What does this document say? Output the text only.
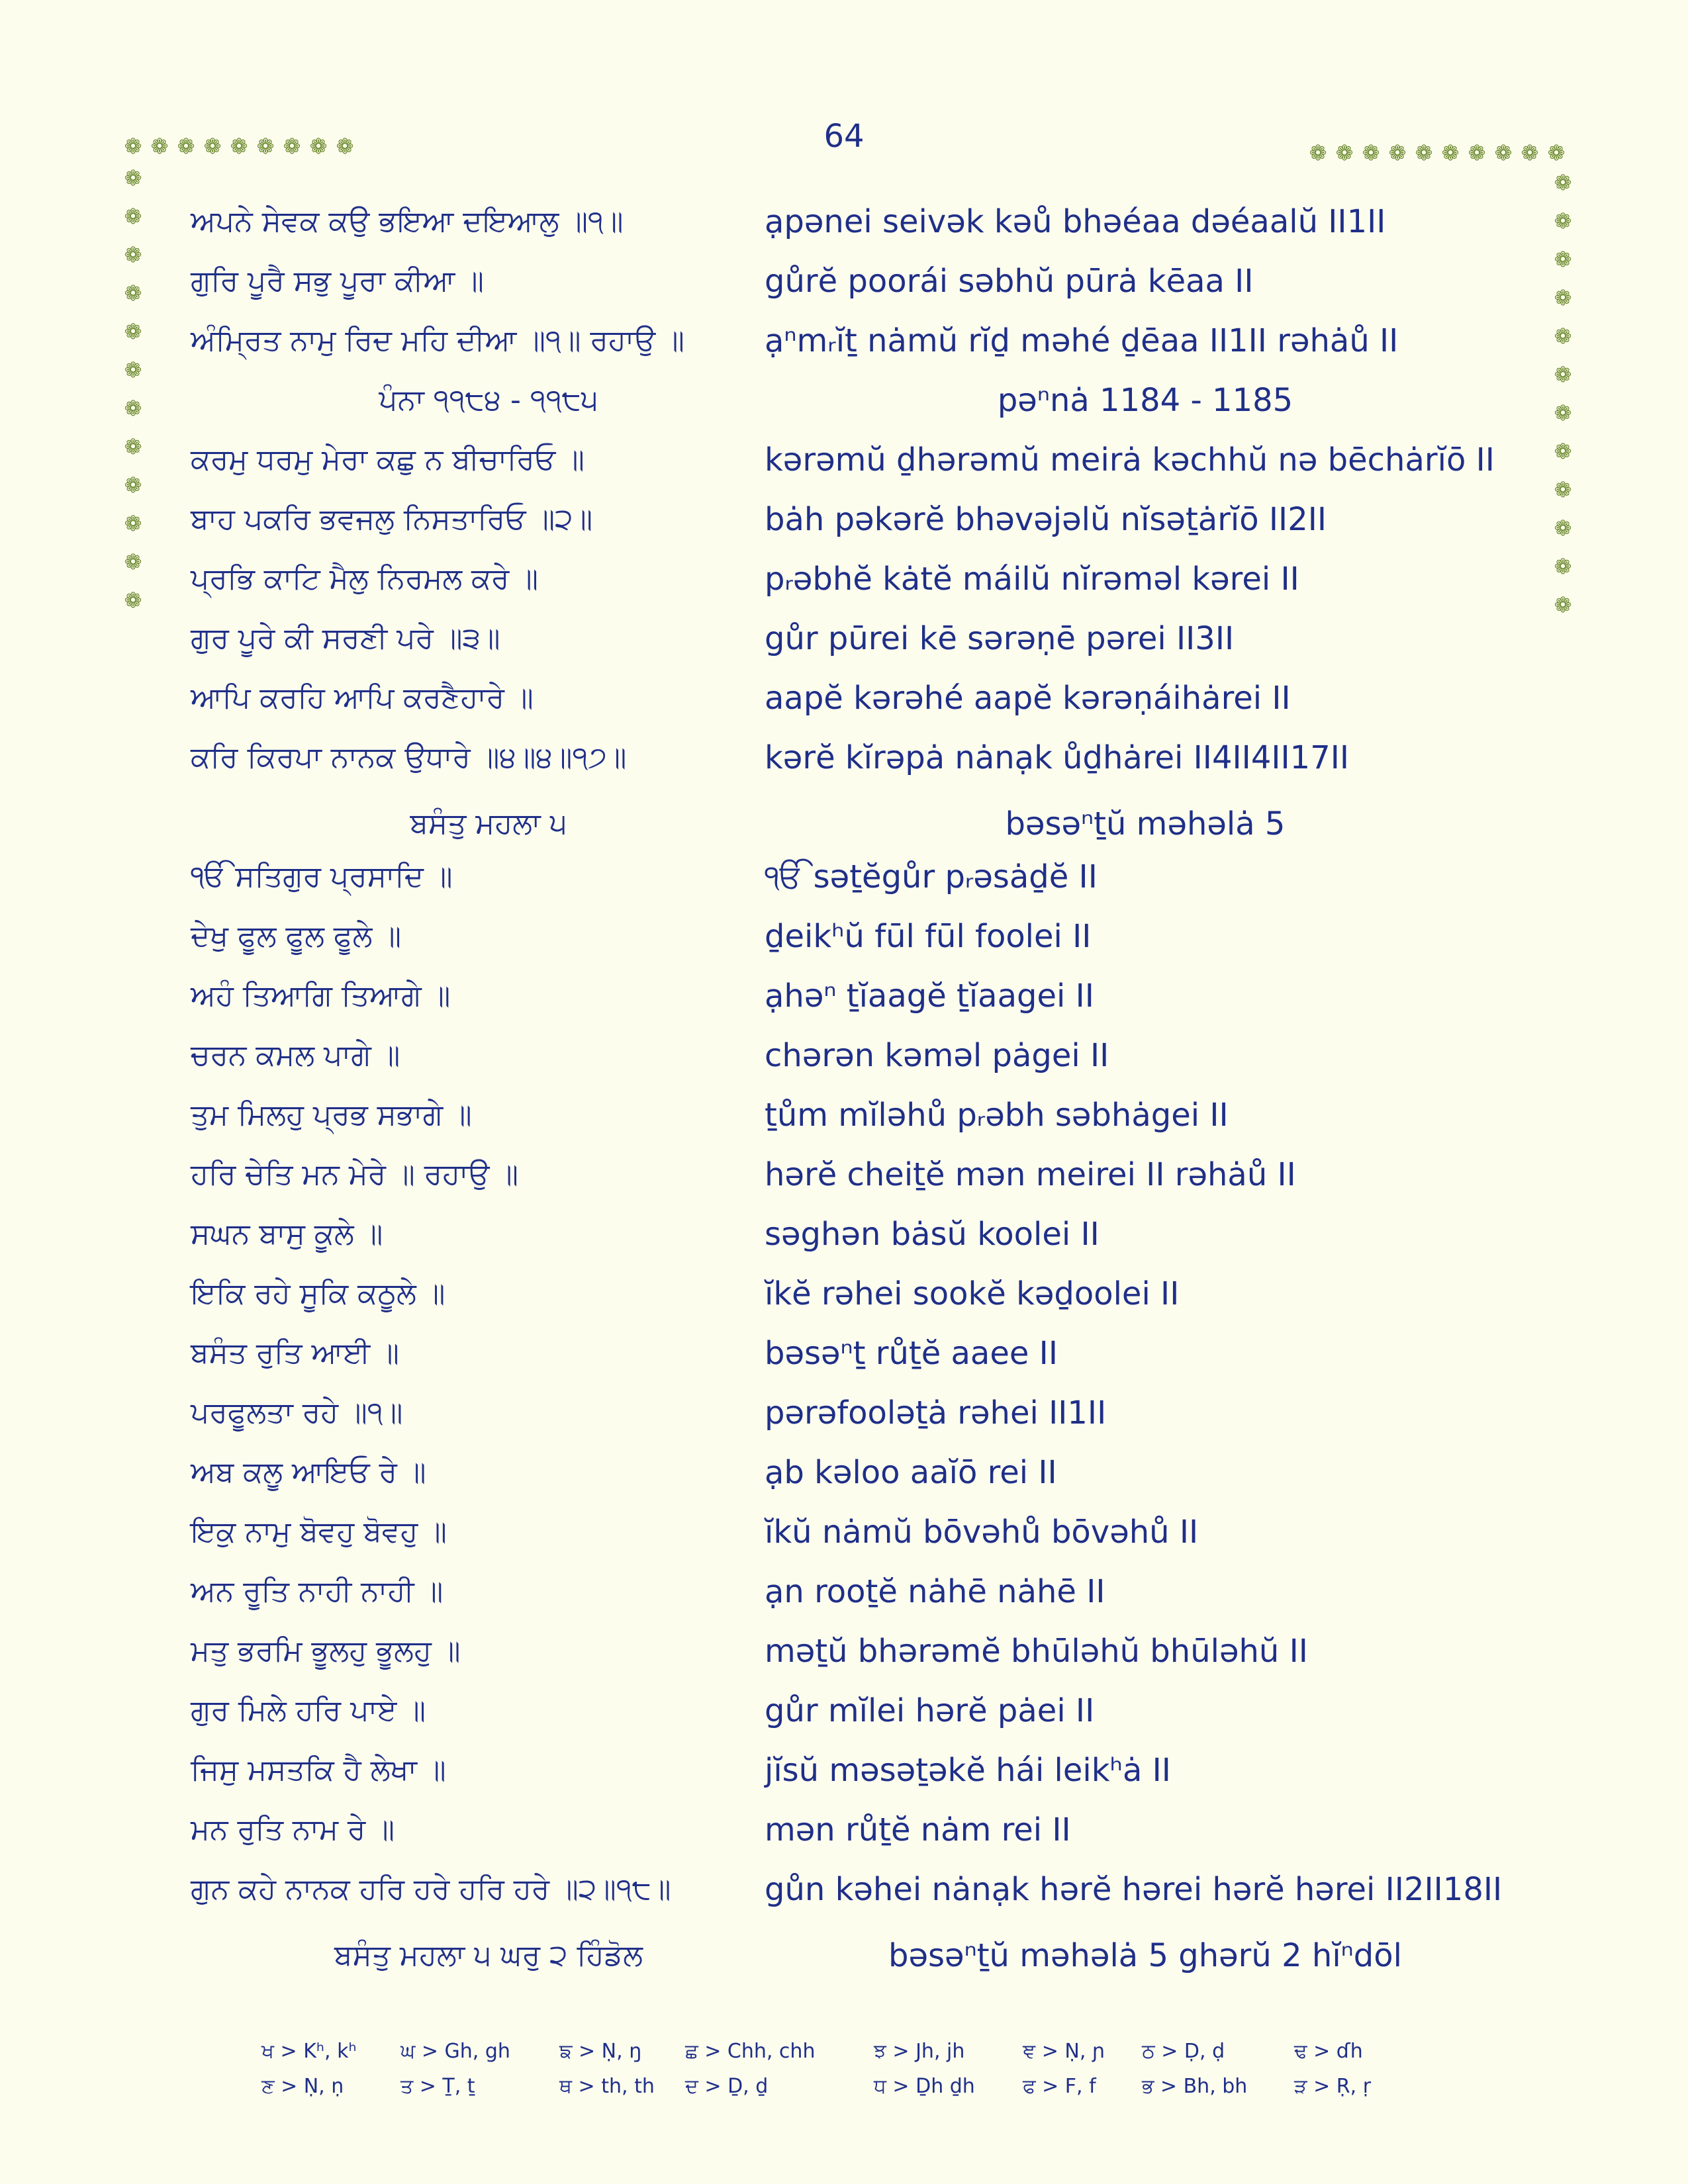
64
❁ ❁ ❁ ❁ ❁ ❁ ❁ ❁ ❁	❁ ❁ ❁ ❁ ❁ ❁ ❁ ❁ ❁ ❁
❁
❁
❁
❁
❁
❁
❁
❁
❁
❁
❁
❁
❁
❁
❁
❁
❁
❁
❁
❁
❁
❁
❁
❁
ਅਪਨੇ ਸੇਵਕ ਕਉ ਭਇਆ ਦਇਆਲੁ ॥੧॥	ạpənei seivək kəů bhəéaa dəéaalŭ II1II
ਗੁਰਿ ਪੂਰੈ ਸਭੁ ਪੂਰਾ ਕੀਆ ॥	gůrĕ poorái səbhŭ pūrȧ kēaa II
ਅੰਮ੍ਰਿਤ ਨਾਮੁ ਰਿਦ ਮਹਿ ਦੀਆ ॥੧॥ ਰਹਾਉ ॥	ạⁿmᵣĭṯ nȧmŭ rĭḏ məhé ḏēaa II1II rəhȧů II
ਪੰਨਾ ੧੧੮੪ - ੧੧੮੫	pəⁿnȧ 1184 - 1185
ਕਰਮੁ ਧਰਮੁ ਮੇਰਾ ਕਛੁ ਨ ਬੀਚਾਰਿਓ ॥	kərəmŭ ḏhərəmŭ meirȧ kəchhŭ nə bēchȧrĭō II
ਬਾਹ ਪਕਰਿ ਭਵਜਲੁ ਨਿਸਤਾਰਿਓ ॥੨॥	bȧh pəkərĕ bhəvəjəlŭ nĭsəṯȧrĭō II2II
ਪ੍ਰਭਿ ਕਾਟਿ ਮੈਲੁ ਨਿਰਮਲ ਕਰੇ ॥	pᵣəbhĕ kȧtĕ máilŭ nĭrəməl kərei II
ਗੁਰ ਪੂਰੇ ਕੀ ਸਰਣੀ ਪਰੇ ॥੩॥	gůr pūrei kē sərəṇē pərei II3II
ਆਪਿ ਕਰਹਿ ਆਪਿ ਕਰਣੈਹਾਰੇ ॥	aapĕ kərəhé aapĕ kərəṇáihȧrei II
ਕਰਿ ਕਿਰਪਾ ਨਾਨਕ ਉਧਾਰੇ ॥੪॥੪॥੧੭॥	kərĕ kĭrəpȧ nȧnạk ůḏhȧrei II4II4II17II
ਬਸੰਤੁ ਮਹਲਾ ੫	bəsəⁿṯŭ məhəlȧ 5
ੴ ਸਤਿਗੁਰ ਪ੍ਰਸਾਦਿ ॥	ੴ səṯĕgůr pᵣəsȧḏĕ II
ਦੇਖੁ ਫੂਲ ਫੂਲ ਫੂਲੇ ॥	ḏeikʰŭ fūl fūl foolei II
ਅਹੰ ਤਿਆਗਿ ਤਿਆਗੇ ॥	ạhəⁿ ṯĭaagĕ ṯĭaagei II
ਚਰਨ ਕਮਲ ਪਾਗੇ ॥	chərən kəməl pȧgei II
ਤੁਮ ਮਿਲਹੁ ਪ੍ਰਭ ਸਭਾਗੇ ॥	ṯům mĭləhů pᵣəbh səbhȧgei II
ਹਰਿ ਚੇਤਿ ਮਨ ਮੇਰੇ ॥ ਰਹਾਉ ॥	hərĕ cheiṯĕ mən meirei II rəhȧů II
ਸਘਨ ਬਾਸੁ ਕੂਲੇ ॥	səghən bȧsŭ koolei II
ਇਕਿ ਰਹੇ ਸੂਕਿ ਕਠੂਲੇ ॥	ĭkĕ rəhei sookĕ kəḏoolei II
ਬਸੰਤ ਰੁਤਿ ਆਈ ॥	bəsəⁿṯ růṯĕ aaee II
ਪਰਫੂਲਤਾ ਰਹੇ ॥੧॥	pərəfooləṯȧ rəhei II1II
ਅਬ ਕਲੂ ਆਇਓ ਰੇ ॥	ạb kəloo aaĭō rei II
ਇਕੁ ਨਾਮੁ ਬੋਵਹੁ ਬੋਵਹੁ ॥	ĭkŭ nȧmŭ bōvəhů bōvəhů II
ਅਨ ਰੂਤਿ ਨਾਹੀ ਨਾਹੀ ॥	ạn rooṯĕ nȧhē nȧhē II
ਮਤੁ ਭਰਮਿ ਭੂਲਹੁ ਭੂਲਹੁ ॥	məṯŭ bhərəmĕ bhūləhŭ bhūləhŭ II
ਗੁਰ ਮਿਲੇ ਹਰਿ ਪਾਏ ॥	gůr mĭlei hərĕ pȧei II
ਜਿਸੁ ਮਸਤਕਿ ਹੈ ਲੇਖਾ ॥	jĭsŭ məsəṯəkĕ hái leikʰȧ II
ਮਨ ਰੁਤਿ ਨਾਮ ਰੇ ॥	mən růṯĕ nȧm rei II
ਗੁਨ ਕਹੇ ਨਾਨਕ ਹਰਿ ਹਰੇ ਹਰਿ ਹਰੇ ॥੨॥੧੮॥	gůn kəhei nȧnạk hərĕ hərei hərĕ hərei II2II18II
ਬਸੰਤੁ ਮਹਲਾ ੫ ਘਰੁ ੨ ਹਿੰਡੋਲ	bəsəⁿṯŭ məhəlȧ 5 ghərŭ 2 hĭⁿdōl
ਖ > Kʰ, kʰ ਘ > Gh, gh ਙ > Ṇ, ŋ ਛ > Chh, chh	ਝ > Jh, jh	ਞ > Ṇ, ɲ ਠ > Ḍ, ḍ	ਢ > ɗh
ਣ > Ṇ, ṇ	ਤ > Ṯ, ṯ	ਥ > th, th ਦ > Ḏ, ḏ	ਧ > Ḏh ḏh ਫ > F, f ਭ > Bh, bh ੜ > Ṛ, ṛ
